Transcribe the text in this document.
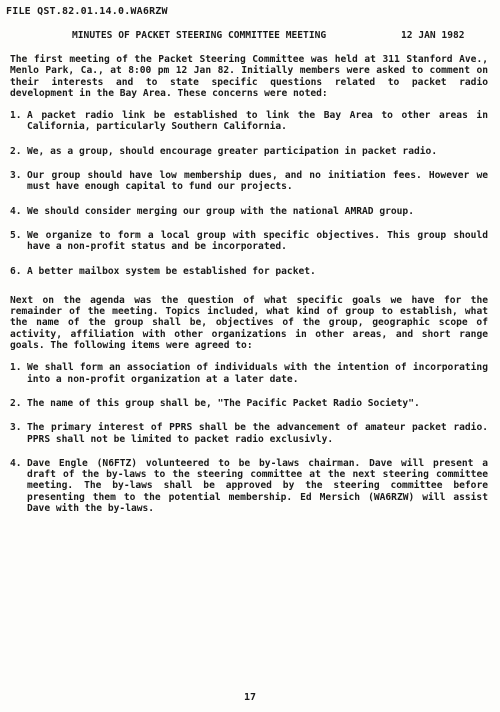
FILE QST.82.01.14.0.WA6RZW
MINUTES OF PACKET STEERING COMMITTEE MEETING	12 JAN 1982

The first meeting of the Packet Steering Committee was held at 311 Stanford Ave., Menlo Park, Ca., at 8:00 pm 12 Jan 82. Initially members were asked to comment on their interests and to state specific questions related to packet radio development in the Bay Area. These concerns were noted:

1. A packet radio link be established to link the Bay Area to other areas in California, particularly Southern California.
2. We, as a group, should encourage greater participation in packet radio.
3. Our group should have low membership dues, and no initiation fees. However we must have enough capital to fund our projects.
4. We should consider merging our group with the national AMRAD group.
5. We organize to form a local group with specific objectives. This group should have a non-profit status and be incorporated.
6. A better mailbox system be established for packet.

Next on the agenda was the question of what specific goals we have for the remainder of the meeting. Topics included, what kind of group to establish, what the name of the group shall be, objectives of the group, geographic scope of activity, affiliation with other organizations in other areas, and short range goals. The following items were agreed to:

1. We shall form an association of individuals with the intention of incorporating into a non-profit organization at a later date.
2. The name of this group shall be, "The Pacific Packet Radio Society".
3. The primary interest of PPRS shall be the advancement of amateur packet radio. PPRS shall not be limited to packet radio exclusivly.
4. Dave Engle (N6FTZ) volunteered to be by-laws chairman. Dave will present a draft of the by-laws to the steering committee at the next steering committee meeting. The by-laws shall be approved by the steering committee before presenting them to the potential membership. Ed Mersich (WA6RZW) will assist Dave with the by-laws.
17
